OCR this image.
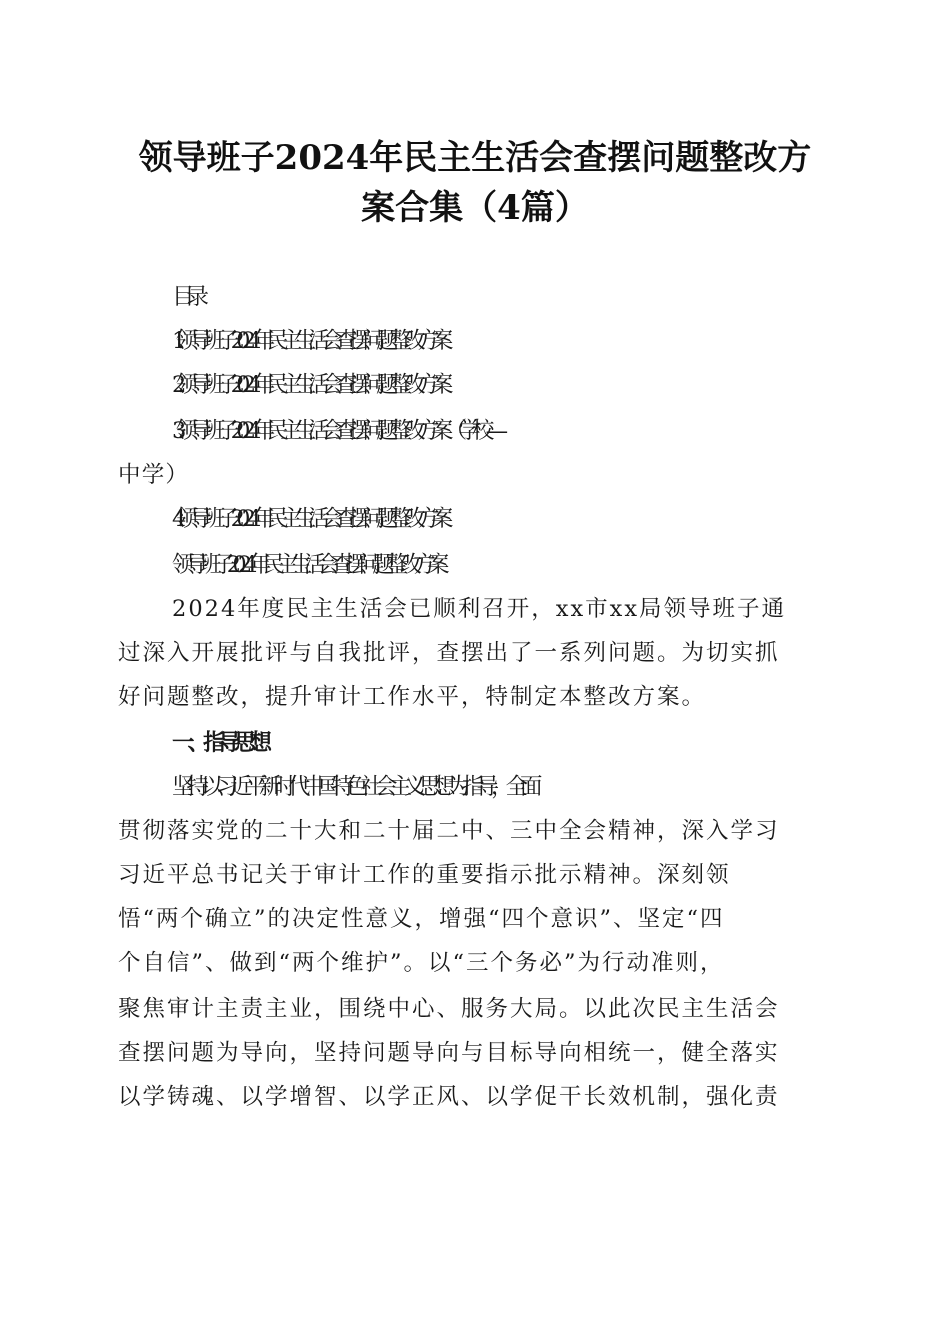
领导班子2024年民主生活会查摆问题整改方
案合集（4篇）
目录
1.领导班子2024年民主生活会查摆问题整改方案
2.领导班子2024年民主生活会查摆问题整改方案
3.领导班子2024年民主生活会查摆问题整改方案（学校—
中学）
4.领导班子2024年民主生活会查摆问题整改方案
领导班子2024年民主生活会查摆问题整改方案
2024年度民主生活会已顺利召开，xx市xx局领导班子通
过深入开展批评与自我批评，查摆出了一系列问题。为切实抓
好问题整改，提升审计工作水平，特制定本整改方案。
一、指导思想
坚持以习近平新时代中国特色社会主义思想为指导，全面
贯彻落实党的二十大和二十届二中、三中全会精神，深入学习
习近平总书记关于审计工作的重要指示批示精神。深刻领
悟“两个确立”的决定性意义，增强“四个意识”、坚定“四
个自信”、做到“两个维护”。以“三个务必”为行动准则，
聚焦审计主责主业，围绕中心、服务大局。以此次民主生活会
查摆问题为导向，坚持问题导向与目标导向相统一，健全落实
以学铸魂、以学增智、以学正风、以学促干长效机制，强化责
